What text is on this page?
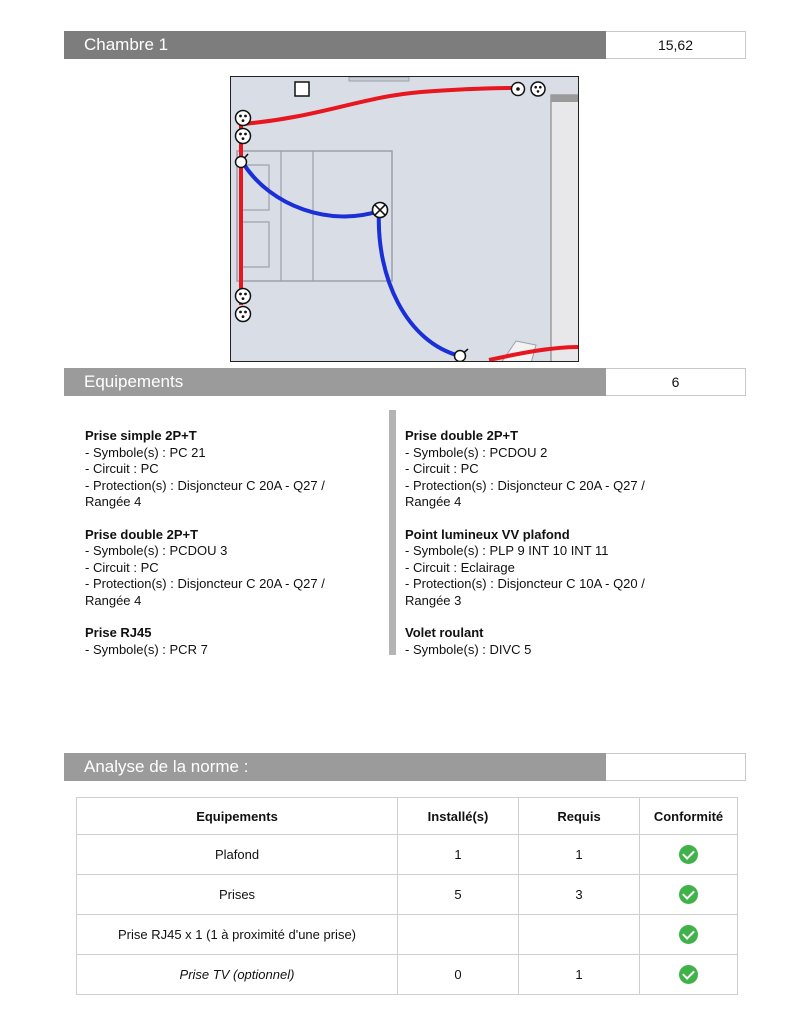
Chambre 1	15,62
Equipements	6
Prise simple 2P+T
- Symbole(s) : PC 21
- Circuit : PC
- Protection(s) : Disjoncteur C 20A - Q27 /
Rangée 4
Prise double 2P+T
- Symbole(s) : PCDOU 3
- Circuit : PC
- Protection(s) : Disjoncteur C 20A - Q27 /
Rangée 4
Prise RJ45
- Symbole(s) : PCR 7
Prise double 2P+T
- Symbole(s) : PCDOU 2
- Circuit : PC
- Protection(s) : Disjoncteur C 20A - Q27 /
Rangée 4
Point lumineux VV plafond
- Symbole(s) : PLP 9 INT 10 INT 11
- Circuit : Eclairage
- Protection(s) : Disjoncteur C 10A - Q20 /
Rangée 3
Volet roulant
- Symbole(s) : DIVC 5
Analyse de la norme :
Equipements	Installé(s)	Requis	Conformité
Plafond	1	1	
Prises	5	3	
Prise RJ45 x 1 (1 à proximité d'une prise)			
Prise TV (optionnel)	0	1	
